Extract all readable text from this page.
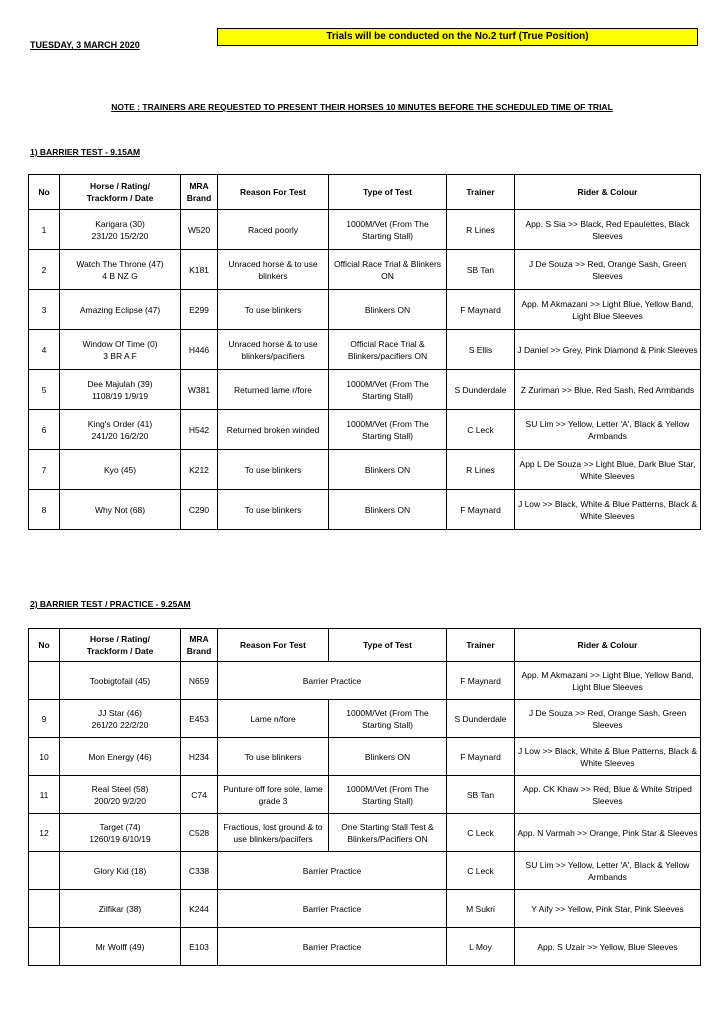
TUESDAY, 3 MARCH 2020
Trials will be conducted on the No.2 turf (True Position)
NOTE : TRAINERS ARE REQUESTED TO PRESENT THEIR HORSES 10 MINUTES BEFORE THE SCHEDULED TIME OF TRIAL
1) BARRIER TEST - 9.15AM
No	Horse / Rating/
Trackform / Date	MRA
Brand	Reason For Test	Type of Test	Trainer	Rider & Colour
1	Karigara (30)
231/20 15/2/20	W520	Raced poorly	1000M/Vet (From The Starting Stall)	R Lines	App. S Sia >> Black, Red Epaulettes, Black Sleeves
2	Watch The Throne (47)
4 B NZ G	K181	Unraced horse & to use blinkers	Official Race Trial & Blinkers ON	SB Tan	J De Souza >> Red, Orange Sash, Green Sleeves
3	Amazing Eclipse (47)	E299	To use blinkers	Blinkers ON	F Maynard	App. M Akmazani >> Light Blue, Yellow Band, Light Blue Sleeves
4	Window Of Time (0)
3 BR A F	H446	Unraced horse & to use blinkers/pacifiers	Official Race Trial & Blinkers/pacifiers ON	S Ellis	J Daniel >> Grey, Pink Diamond & Pink Sleeves
5	Dee Majulah (39)
1108/19 1/9/19	W381	Returned lame r/fore	1000M/Vet (From The Starting Stall)	S Dunderdale	Z Zuriman >> Blue, Red Sash, Red Armbands
6	King's Order (41)
241/20 16/2/20	H542	Returned broken winded	1000M/Vet (From The Starting Stall)	C Leck	SU Lim >> Yellow, Letter 'A', Black & Yellow Armbands
7	Kyo (45)	K212	To use blinkers	Blinkers ON	R Lines	App L De Souza >> Light Blue, Dark Blue Star, White Sleeves
8	Why Not (68)	C290	To use blinkers	Blinkers ON	F Maynard	J Low >> Black, White & Blue Patterns, Black & White Sleeves
2) BARRIER TEST / PRACTICE - 9.25AM
No	Horse / Rating/
Trackform / Date	MRA
Brand	Reason For Test	Type of Test	Trainer	Rider & Colour
	Toobigtofail (45)	N659	Barrier Practice		F Maynard	App. M Akmazani >> Light Blue, Yellow Band, Light Blue Sleeves
9	JJ Star (46)
261/20 22/2/20	E453	Lame n/fore	1000M/Vet (From The Starting Stall)	S Dunderdale	J De Souza >> Red, Orange Sash, Green Sleeves
10	Mon Energy (46)	H234	To use blinkers	Blinkers ON	F Maynard	J Low >> Black, White & Blue Patterns, Black & White Sleeves
11	Real Steel (58)
200/20 9/2/20	C74	Punture off fore sole, lame grade 3	1000M/Vet (From The Starting Stall)	SB Tan	App. CK Khaw >> Red, Blue & White Striped Sleeves
12	Target (74)
1260/19 6/10/19	C528	Fractious, lost ground & to use blinkers/paciifers	One Starting Stall Test & Blinkers/Pacifiers ON	C Leck	App. N Varmah >> Orange, Pink Star & Sleeves
	Glory Kid (18)	C338	Barrier Practice		C Leck	SU Lim >> Yellow, Letter 'A', Black & Yellow Armbands
	Zilfikar (38)	K244	Barrier Practice		M Sukri	Y Aify >> Yellow, Pink Star, Pink Sleeves
	Mr Wolff (49)	E103	Barrier Practice		L Moy	App. S Uzair >> Yellow, Blue Sleeves
